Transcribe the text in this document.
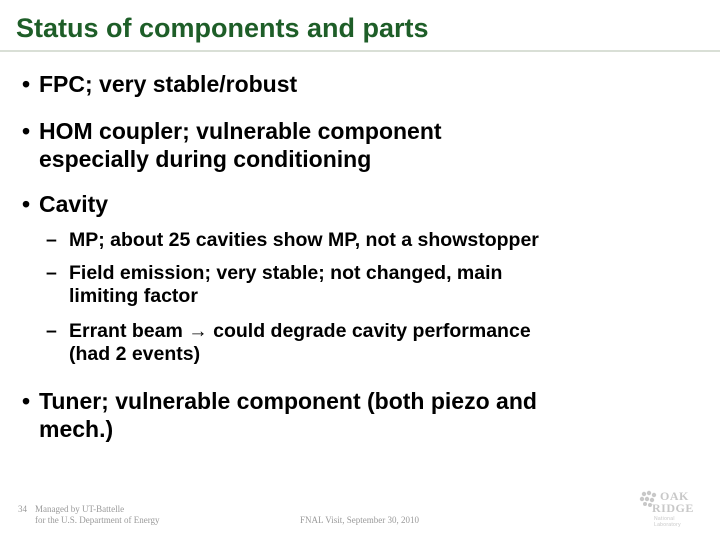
Status of components and parts
• FPC; very stable/robust
• HOM coupler; vulnerable component
especially during conditioning
• Cavity
– MP; about 25 cavities show MP, not a showstopper
– Field emission; very stable; not changed, main
limiting factor
– Errant beam → could degrade cavity performance
(had 2 events)
• Tuner; vulnerable component (both piezo and
mech.)
34 Managed by UT-Battelle
for the U.S. Department of Energy	FNAL Visit, September 30, 2010
OAK
RIDGE
National Laboratory
